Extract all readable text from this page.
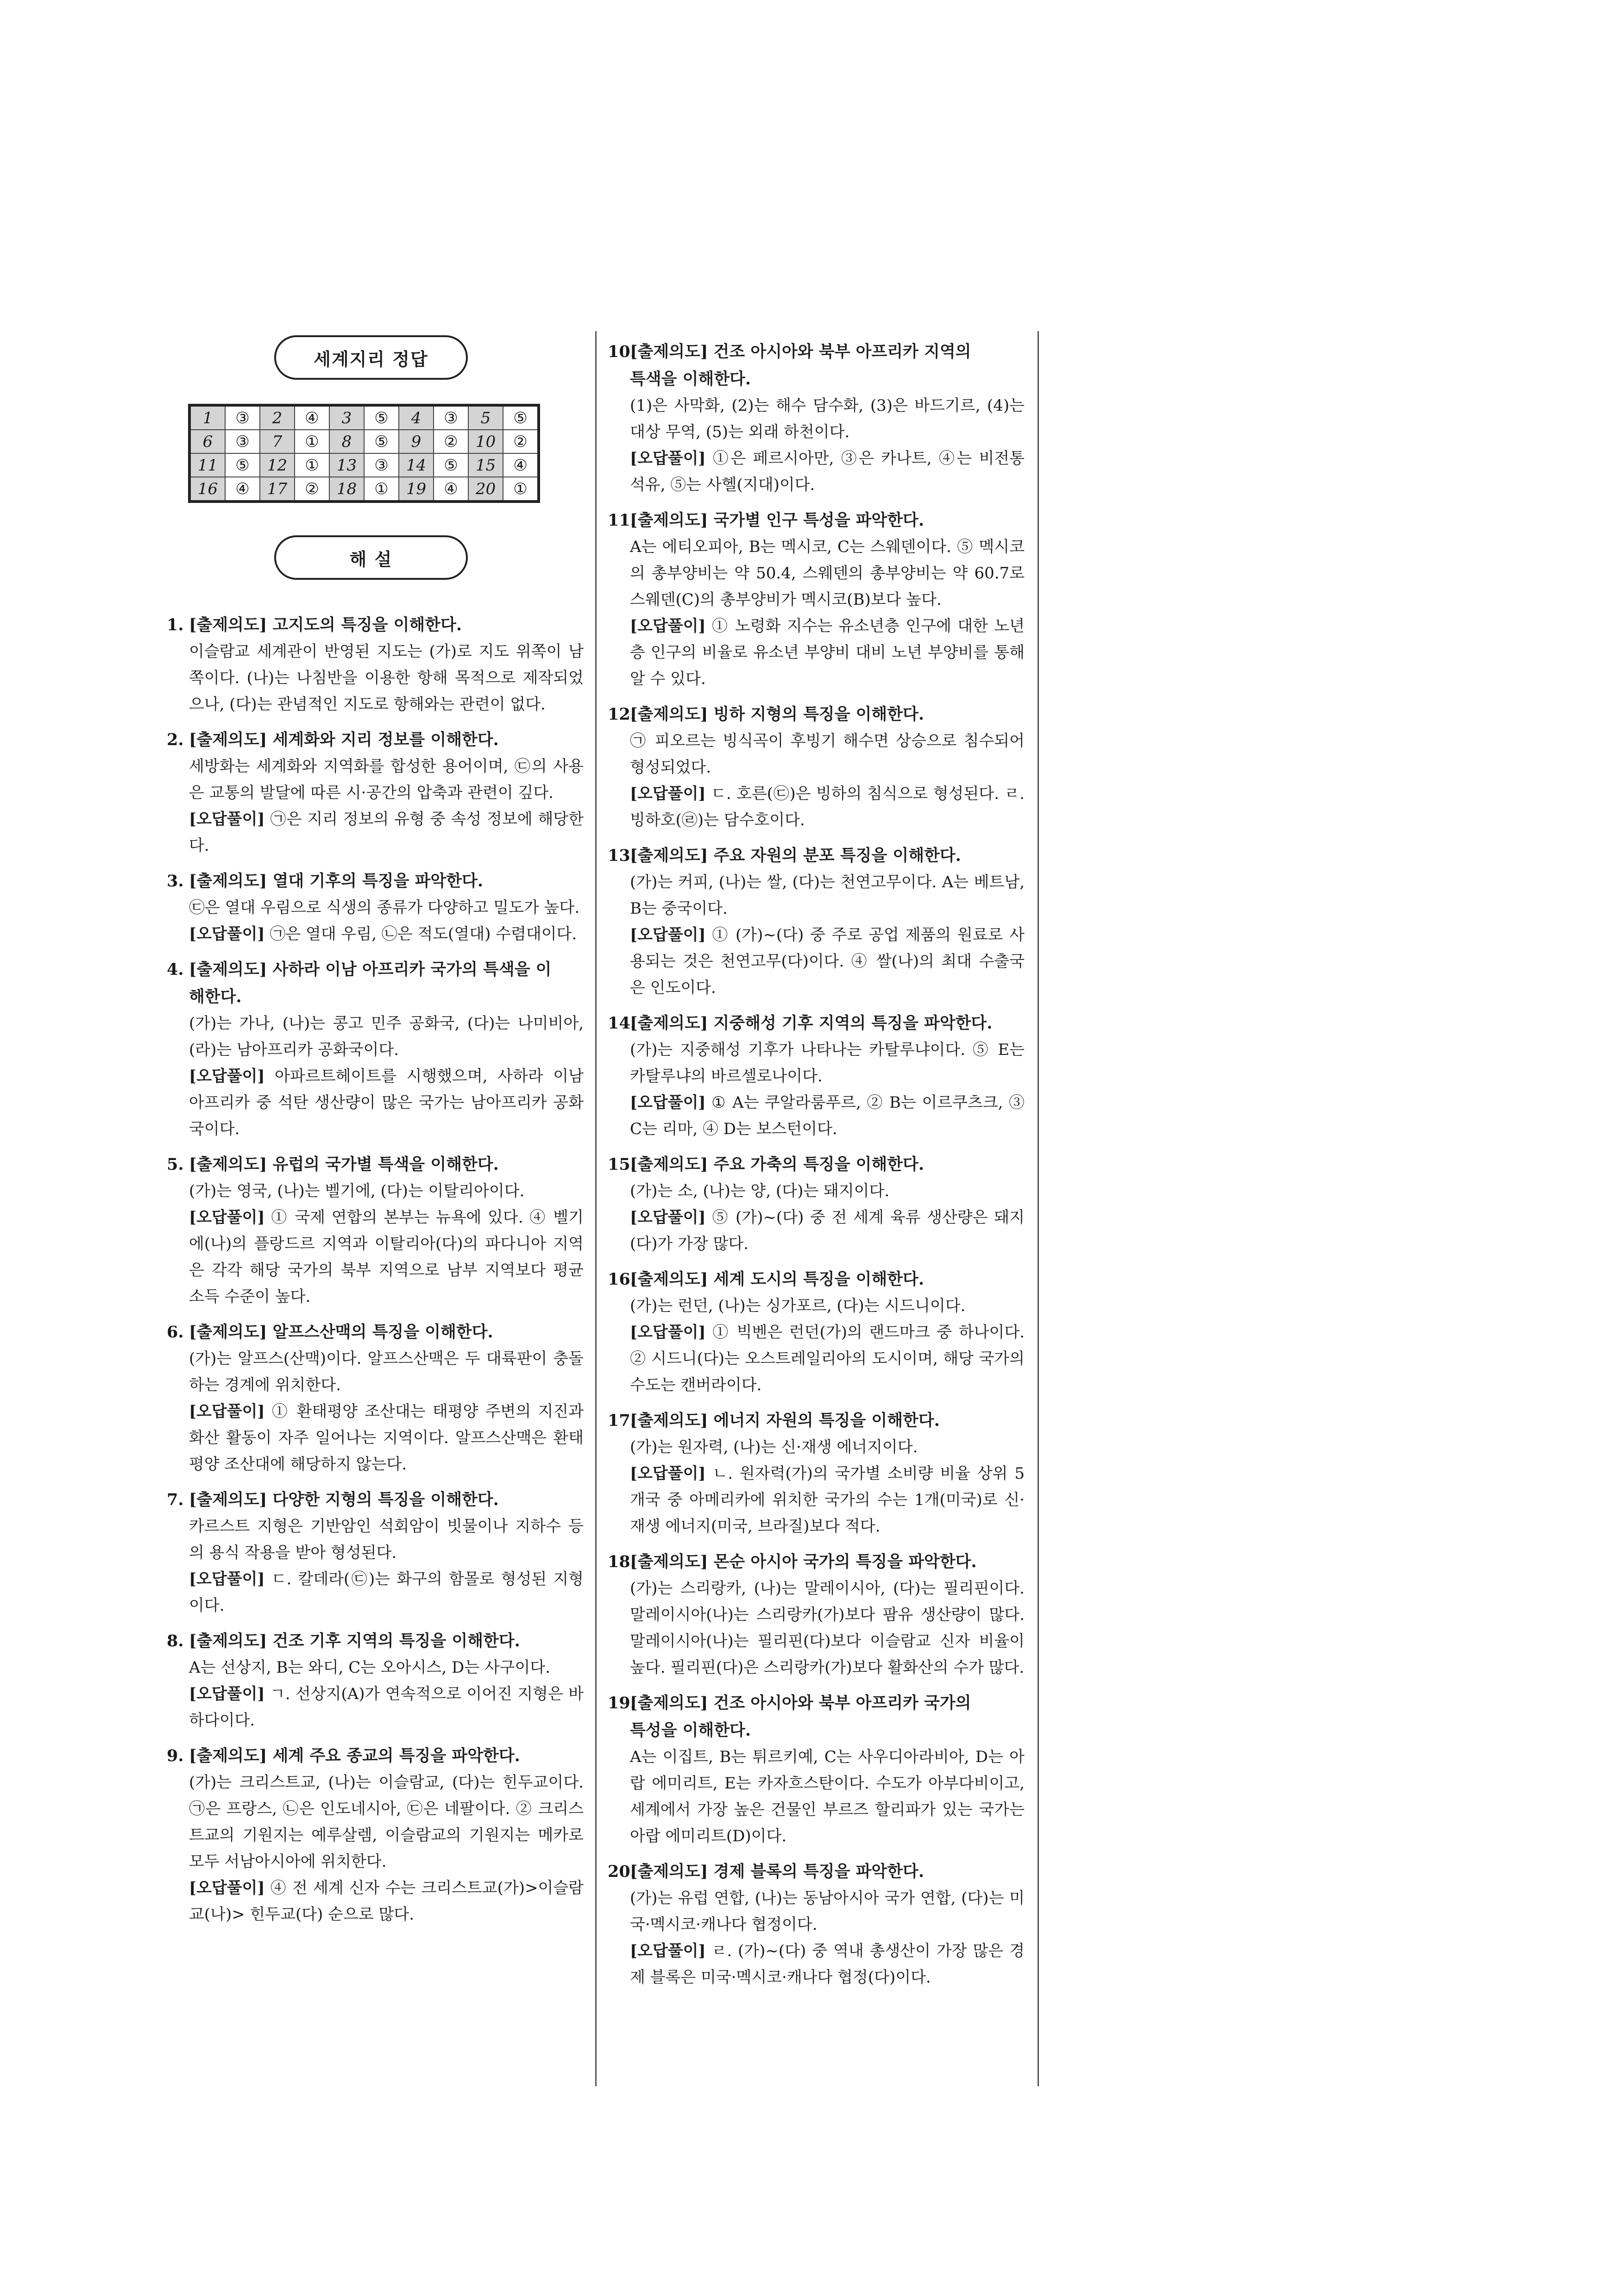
세계지리 정답
1	③	2	④	3	⑤	4	③	5	⑤
6	③	7	①	8	⑤	9	②	10	②
11	⑤	12	①	13	③	14	⑤	15	④
16	④	17	②	18	①	19	④	20	①
해 설
1. [출제의도] 고지도의 특징을 이해한다.

이슬람교 세계관이 반영된 지도는 (가)로 지도 위쪽이 남쪽이다. (나)는 나침반을 이용한 항해 목적으로 제작되었으나, (다)는 관념적인 지도로 항해와는 관련이 없다.

2. [출제의도] 세계화와 지리 정보를 이해한다.

세방화는 세계화와 지역화를 합성한 용어이며, ㉢의 사용은 교통의 발달에 따른 시·공간의 압축과 관련이 깊다.

[오답풀이] ㉠은 지리 정보의 유형 중 속성 정보에 해당한다.

3. [출제의도] 열대 기후의 특징을 파악한다.

㉢은 열대 우림으로 식생의 종류가 다양하고 밀도가 높다.

[오답풀이] ㉠은 열대 우림, ㉡은 적도(열대) 수렴대이다.

4. [출제의도] 사하라 이남 아프리카 국가의 특색을 이
해한다.

(가)는 가나, (나)는 콩고 민주 공화국, (다)는 나미비아, (라)는 남아프리카 공화국이다.

[오답풀이] 아파르트헤이트를 시행했으며, 사하라 이남 아프리카 중 석탄 생산량이 많은 국가는 남아프리카 공화국이다.

5. [출제의도] 유럽의 국가별 특색을 이해한다.

(가)는 영국, (나)는 벨기에, (다)는 이탈리아이다.

[오답풀이] ① 국제 연합의 본부는 뉴욕에 있다. ④ 벨기에(나)의 플랑드르 지역과 이탈리아(다)의 파다니아 지역은 각각 해당 국가의 북부 지역으로 남부 지역보다 평균 소득 수준이 높다.

6. [출제의도] 알프스산맥의 특징을 이해한다.

(가)는 알프스(산맥)이다. 알프스산맥은 두 대륙판이 충돌하는 경계에 위치한다.

[오답풀이] ① 환태평양 조산대는 태평양 주변의 지진과 화산 활동이 자주 일어나는 지역이다. 알프스산맥은 환태평양 조산대에 해당하지 않는다.

7. [출제의도] 다양한 지형의 특징을 이해한다.

카르스트 지형은 기반암인 석회암이 빗물이나 지하수 등의 용식 작용을 받아 형성된다.

[오답풀이] ㄷ. 칼데라(㉢)는 화구의 함몰로 형성된 지형이다.

8. [출제의도] 건조 기후 지역의 특징을 이해한다.

A는 선상지, B는 와디, C는 오아시스, D는 사구이다.

[오답풀이] ㄱ. 선상지(A)가 연속적으로 이어진 지형은 바하다이다.

9. [출제의도] 세계 주요 종교의 특징을 파악한다.

(가)는 크리스트교, (나)는 이슬람교, (다)는 힌두교이다. ㉠은 프랑스, ㉡은 인도네시아, ㉢은 네팔이다. ② 크리스트교의 기원지는 예루살렘, 이슬람교의 기원지는 메카로 모두 서남아시아에 위치한다.

[오답풀이] ④ 전 세계 신자 수는 크리스트교(가)>이슬람교(나)> 힌두교(다) 순으로 많다.

10.[출제의도] 건조 아시아와 북부 아프리카 지역의
특색을 이해한다.

(1)은 사막화, (2)는 해수 담수화, (3)은 바드기르, (4)는 대상 무역, (5)는 외래 하천이다.

[오답풀이] ①은 페르시아만, ③은 카나트, ④는 비전통 석유, ⑤는 사헬(지대)이다.

11.[출제의도] 국가별 인구 특성을 파악한다.

A는 에티오피아, B는 멕시코, C는 스웨덴이다. ⑤ 멕시코의 총부양비는 약 50.4, 스웨덴의 총부양비는 약 60.7로 스웨덴(C)의 총부양비가 멕시코(B)보다 높다.

[오답풀이] ① 노령화 지수는 유소년층 인구에 대한 노년층 인구의 비율로 유소년 부양비 대비 노년 부양비를 통해 알 수 있다.

12.[출제의도] 빙하 지형의 특징을 이해한다.

㉠ 피오르는 빙식곡이 후빙기 해수면 상승으로 침수되어 형성되었다.

[오답풀이] ㄷ. 호른(㉢)은 빙하의 침식으로 형성된다. ㄹ. 빙하호(㉣)는 담수호이다.

13.[출제의도] 주요 자원의 분포 특징을 이해한다.

(가)는 커피, (나)는 쌀, (다)는 천연고무이다. A는 베트남, B는 중국이다.

[오답풀이] ① (가)~(다) 중 주로 공업 제품의 원료로 사용되는 것은 천연고무(다)이다. ④ 쌀(나)의 최대 수출국은 인도이다.

14.[출제의도] 지중해성 기후 지역의 특징을 파악한다.

(가)는 지중해성 기후가 나타나는 카탈루냐이다. ⑤ E는 카탈루냐의 바르셀로나이다.

[오답풀이] ① A는 쿠알라룸푸르, ② B는 이르쿠츠크, ③ C는 리마, ④ D는 보스턴이다.

15.[출제의도] 주요 가축의 특징을 이해한다.

(가)는 소, (나)는 양, (다)는 돼지이다.

[오답풀이] ⑤ (가)~(다) 중 전 세계 육류 생산량은 돼지(다)가 가장 많다.

16.[출제의도] 세계 도시의 특징을 이해한다.

(가)는 런던, (나)는 싱가포르, (다)는 시드니이다.

[오답풀이] ① 빅벤은 런던(가)의 랜드마크 중 하나이다. ② 시드니(다)는 오스트레일리아의 도시이며, 해당 국가의 수도는 캔버라이다.

17.[출제의도] 에너지 자원의 특징을 이해한다.

(가)는 원자력, (나)는 신·재생 에너지이다.

[오답풀이] ㄴ. 원자력(가)의 국가별 소비량 비율 상위 5개국 중 아메리카에 위치한 국가의 수는 1개(미국)로 신·재생 에너지(미국, 브라질)보다 적다.

18.[출제의도] 몬순 아시아 국가의 특징을 파악한다.

(가)는 스리랑카, (나)는 말레이시아, (다)는 필리핀이다. 말레이시아(나)는 스리랑카(가)보다 팜유 생산량이 많다. 말레이시아(나)는 필리핀(다)보다 이슬람교 신자 비율이 높다. 필리핀(다)은 스리랑카(가)보다 활화산의 수가 많다.

19.[출제의도] 건조 아시아와 북부 아프리카 국가의
특성을 이해한다.

A는 이집트, B는 튀르키예, C는 사우디아라비아, D는 아랍 에미리트, E는 카자흐스탄이다. 수도가 아부다비이고, 세계에서 가장 높은 건물인 부르즈 할리파가 있는 국가는 아랍 에미리트(D)이다.

20.[출제의도] 경제 블록의 특징을 파악한다.

(가)는 유럽 연합, (나)는 동남아시아 국가 연합, (다)는 미국·멕시코·캐나다 협정이다.

[오답풀이] ㄹ. (가)~(다) 중 역내 총생산이 가장 많은 경제 블록은 미국·멕시코·캐나다 협정(다)이다.
